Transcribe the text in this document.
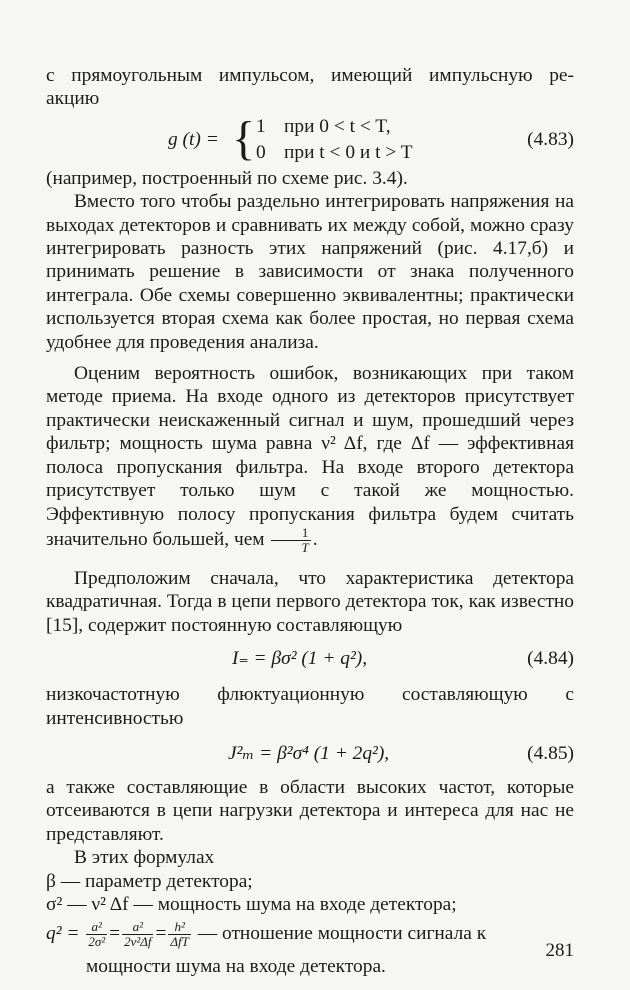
с прямоугольным импульсом, имеющий импульсную ре-
акцию
g (t) = { 1 при 0 < t < T,
0 при t < 0 и t > T
(4.83)
(например, построенный по схеме рис. 3.4).
Вместо того чтобы раздельно интегрировать напряжения на выходах детекторов и сравнивать их между собой, можно сразу интегрировать разность этих напряжений (рис. 4.17,б) и принимать решение в зависимости от знака полученного интеграла. Обе схемы совершенно эквивалентны; практически используется вторая схема как более простая, но первая схема удобнее для проведения анализа.
Оценим вероятность ошибок, возникающих при таком методе приема. На входе одного из детекторов присутствует практически неискаженный сигнал и шум, прошедший через фильтр; мощность шума равна ν² Δf, где Δf — эффективная полоса пропускания фильтра. На входе второго детектора присутствует только шум с такой же мощностью. Эффективную полосу пропускания фильтра будем считать значительно большей, чем $\frac{1}{T}$ .
Предположим сначала, что характеристика детектора квадратичная. Тогда в цепи первого детектора ток, как известно [15], содержит постоянную составляющую
I₌ = βσ² (1 + q²),	(4.84)
низкочастотную флюктуационную составляющую с интенсивностью
J²ₘ = β²σ⁴ (1 + 2q²),	(4.85)
а также составляющие в области высоких частот, которые отсеиваются в цепи нагрузки детектора и интереса для нас не представляют.
В этих формулах
β — параметр детектора;
σ² — ν² Δf — мощность шума на входе детектора;
$q^2 = \frac{\text{a²}}{\text{2σ²}} = \frac{\text{a²}}{\text{2ν²Δf}} = \frac{\text{h²}}{\text{ΔfT}}$ — отношение мощности сигнала к
мощности шума на входе детектора.
281
